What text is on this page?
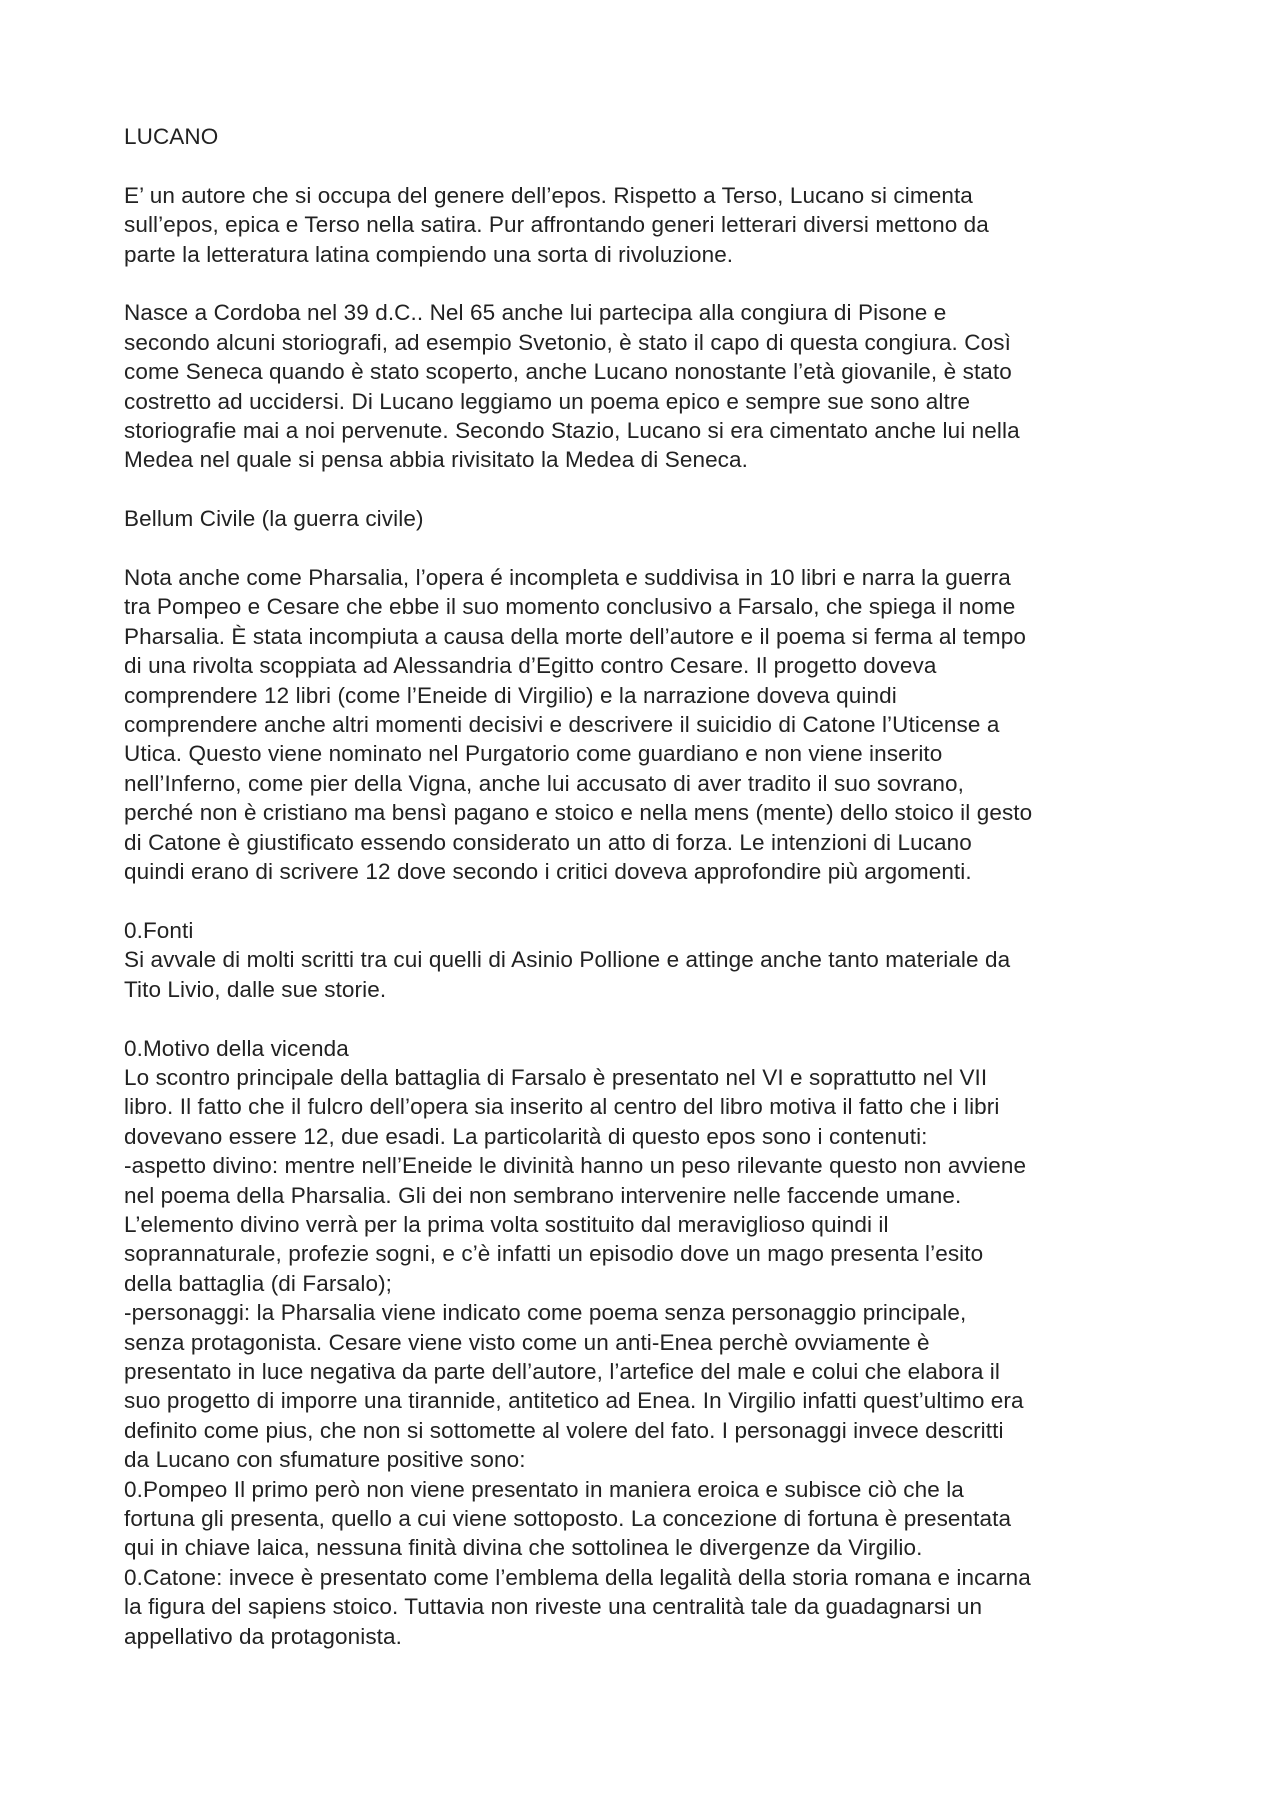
LUCANO

E’ un autore che si occupa del genere dell’epos. Rispetto a Terso, Lucano si cimenta
sull’epos, epica e Terso nella satira. Pur affrontando generi letterari diversi mettono da
parte la letteratura latina compiendo una sorta di rivoluzione.
Nasce a Cordoba nel 39 d.C.. Nel 65 anche lui partecipa alla congiura di Pisone e
secondo alcuni storiografi, ad esempio Svetonio, è stato il capo di questa congiura. Così
come Seneca quando è stato scoperto, anche Lucano nonostante l’età giovanile, è stato
costretto ad uccidersi. Di Lucano leggiamo un poema epico e sempre sue sono altre
storiografie mai a noi pervenute. Secondo Stazio, Lucano si era cimentato anche lui nella
Medea nel quale si pensa abbia rivisitato la Medea di Seneca.
Bellum Civile (la guerra civile)
Nota anche come Pharsalia, l’opera é incompleta e suddivisa in 10 libri e narra la guerra
tra Pompeo e Cesare che ebbe il suo momento conclusivo a Farsalo, che spiega il nome
Pharsalia. È stata incompiuta a causa della morte dell’autore e il poema si ferma al tempo
di una rivolta scoppiata ad Alessandria d’Egitto contro Cesare. Il progetto doveva
comprendere 12 libri (come l’Eneide di Virgilio) e la narrazione doveva quindi
comprendere anche altri momenti decisivi e descrivere il suicidio di Catone l’Uticense a
Utica. Questo viene nominato nel Purgatorio come guardiano e non viene inserito
nell’Inferno, come pier della Vigna, anche lui accusato di aver tradito il suo sovrano,
perché non è cristiano ma bensì pagano e stoico e nella mens (mente) dello stoico il gesto
di Catone è giustificato essendo considerato un atto di forza. Le intenzioni di Lucano
quindi erano di scrivere 12 dove secondo i critici doveva approfondire più argomenti.
0.Fonti
Si avvale di molti scritti tra cui quelli di Asinio Pollione e attinge anche tanto materiale da
Tito Livio, dalle sue storie.
0.Motivo della vicenda
Lo scontro principale della battaglia di Farsalo è presentato nel VI e soprattutto nel VII
libro. Il fatto che il fulcro dell’opera sia inserito al centro del libro motiva il fatto che i libri
dovevano essere 12, due esadi. La particolarità di questo epos sono i contenuti:
-aspetto divino: mentre nell’Eneide le divinità hanno un peso rilevante questo non avviene
nel poema della Pharsalia. Gli dei non sembrano intervenire nelle faccende umane.
L’elemento divino verrà per la prima volta sostituito dal meraviglioso quindi il
soprannaturale, profezie sogni, e c’è infatti un episodio dove un mago presenta l’esito
della battaglia (di Farsalo);
-personaggi: la Pharsalia viene indicato come poema senza personaggio principale,
senza protagonista. Cesare viene visto come un anti-Enea perchè ovviamente è
presentato in luce negativa da parte dell’autore, l’artefice del male e colui che elabora il
suo progetto di imporre una tirannide, antitetico ad Enea. In Virgilio infatti quest’ultimo era
definito come pius, che non si sottomette al volere del fato. I personaggi invece descritti
da Lucano con sfumature positive sono:
0.Pompeo Il primo però non viene presentato in maniera eroica e subisce ciò che la
fortuna gli presenta, quello a cui viene sottoposto. La concezione di fortuna è presentata
qui in chiave laica, nessuna finità divina che sottolinea le divergenze da Virgilio.
0.Catone: invece è presentato come l’emblema della legalità della storia romana e incarna
la figura del sapiens stoico. Tuttavia non riveste una centralità tale da guadagnarsi un
appellativo da protagonista.
